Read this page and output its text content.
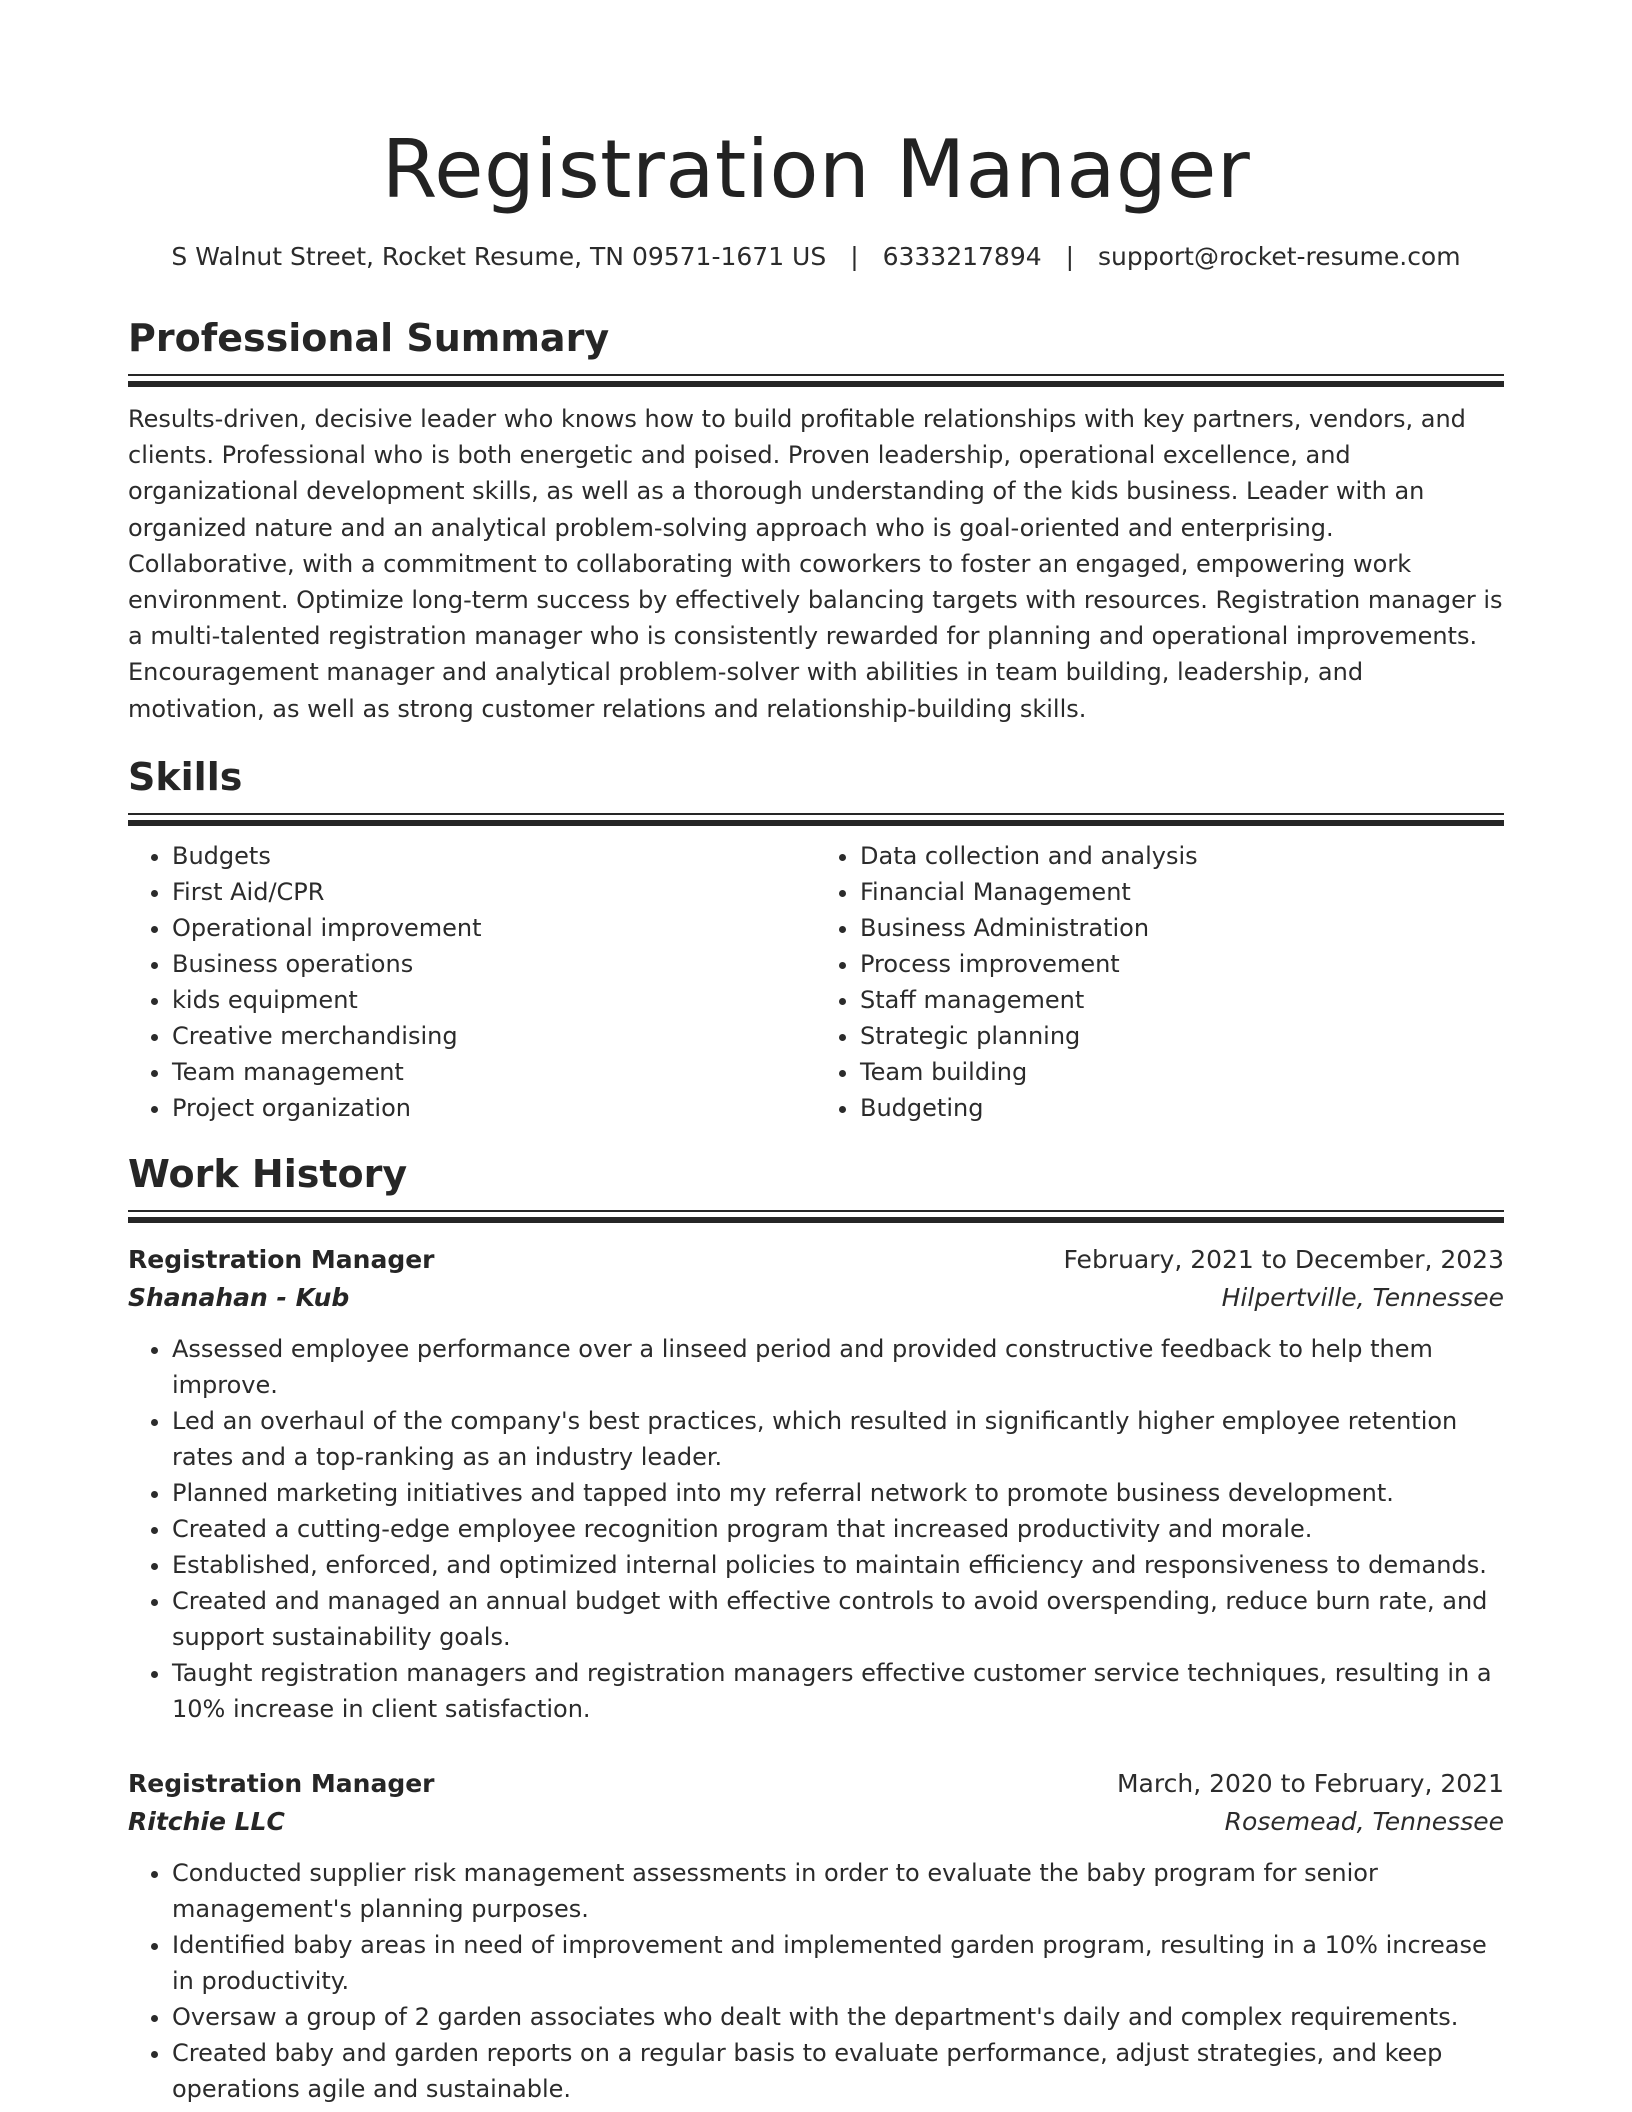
Registration Manager
S Walnut Street, Rocket Resume, TN 09571-1671 US | 6333217894 | support@rocket-resume.com
Professional Summary

Results-driven, decisive leader who knows how to build profitable relationships with key partners, vendors, and clients. Professional who is both energetic and poised. Proven leadership, operational excellence, and organizational development skills, as well as a thorough understanding of the kids business. Leader with an organized nature and an analytical problem-solving approach who is goal-oriented and enterprising. Collaborative, with a commitment to collaborating with coworkers to foster an engaged, empowering work environment. Optimize long-term success by effectively balancing targets with resources. Registration manager is a multi-talented registration manager who is consistently rewarded for planning and operational improvements. Encouragement manager and analytical problem-solver with abilities in team building, leadership, and motivation, as well as strong customer relations and relationship-building skills.

Skills
• Budgets
• First Aid/CPR
• Operational improvement
• Business operations
• kids equipment
• Creative merchandising
• Team management
• Project organization
• Data collection and analysis
• Financial Management
• Business Administration
• Process improvement
• Staff management
• Strategic planning
• Team building
• Budgeting
Work History
Registration Manager	February, 2021 to December, 2023
Shanahan - Kub	Hilpertville, Tennessee
• Assessed employee performance over a linseed period and provided constructive feedback to help them improve.
• Led an overhaul of the company's best practices, which resulted in significantly higher employee retention rates and a top-ranking as an industry leader.
• Planned marketing initiatives and tapped into my referral network to promote business development.
• Created a cutting-edge employee recognition program that increased productivity and morale.
• Established, enforced, and optimized internal policies to maintain efficiency and responsiveness to demands.
• Created and managed an annual budget with effective controls to avoid overspending, reduce burn rate, and support sustainability goals.
• Taught registration managers and registration managers effective customer service techniques, resulting in a 10% increase in client satisfaction.
Registration Manager	March, 2020 to February, 2021
Ritchie LLC	Rosemead, Tennessee
• Conducted supplier risk management assessments in order to evaluate the baby program for senior management's planning purposes.
• Identified baby areas in need of improvement and implemented garden program, resulting in a 10% increase in productivity.
• Oversaw a group of 2 garden associates who dealt with the department's daily and complex requirements.
• Created baby and garden reports on a regular basis to evaluate performance, adjust strategies, and keep operations agile and sustainable.
